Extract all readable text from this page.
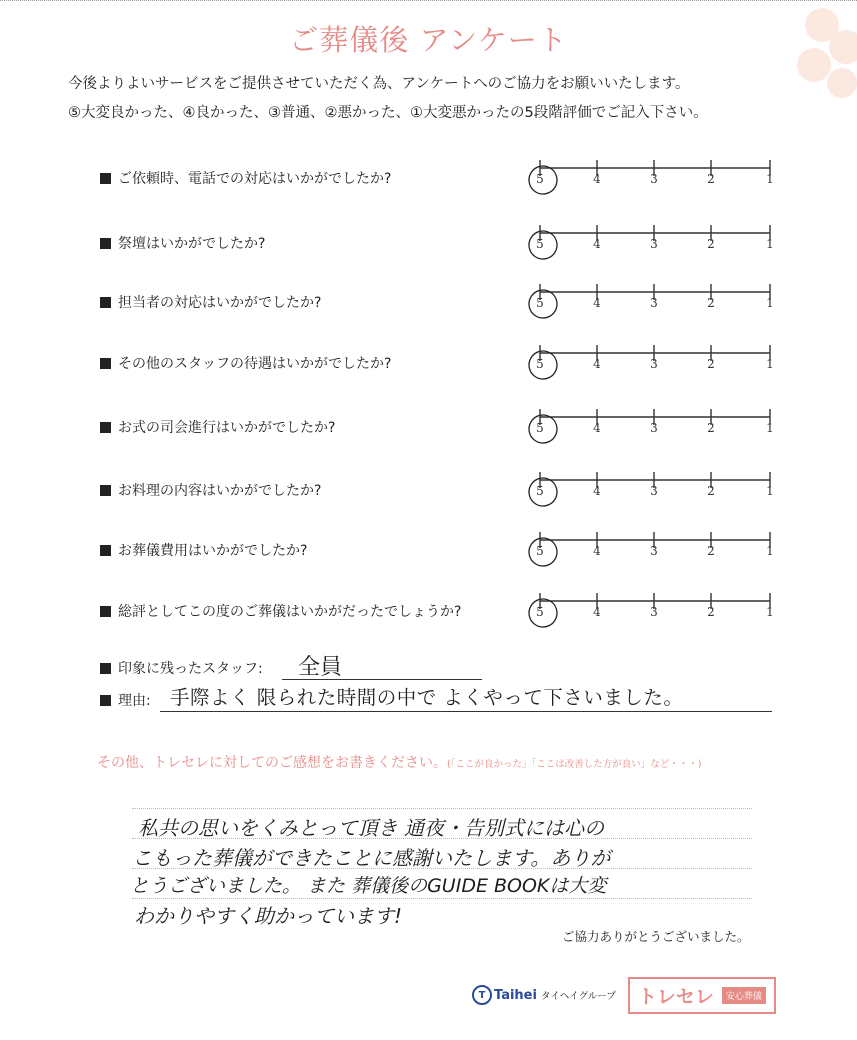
ご葬儀後 アンケート
今後よりよいサービスをご提供させていただく為、アンケートへのご協力をお願いいたします。
⑤大変良かった、④良かった、③普通、②悪かった、①大変悪かったの5段階評価でご記入下さい。
ご依頼時、電話での対応はいかがでしたか?	5	4	3	2	1
祭壇はいかがでしたか?	5	4	3	2	1
担当者の対応はいかがでしたか?	5	4	3	2	1
その他のスタッフの待遇はいかがでしたか?	5	4	3	2	1
お式の司会進行はいかがでしたか?	5	4	3	2	1
お料理の内容はいかがでしたか?	5	4	3	2	1
お葬儀費用はいかがでしたか?	5	4	3	2	1
総評としてこの度のご葬儀はいかがだったでしょうか?	5	4	3	2	1
印象に残ったスタッフ: 全員
理由: 手際よく 限られた時間の中で よくやって下さいました。
その他、トレセレに対してのご感想をお書きください。(「ここが良かった」「ここは改善した方が良い」など・・・)
私共の思いをくみとって頂き 通夜・告別式には心の
こもった葬儀ができたことに感謝いたします。ありが
とうございました。 また 葬儀後のGUIDE BOOKは大変
わかりやすく助かっています!
ご協力ありがとうございました。
T Taihei タイヘイグループ トレセレ	安心葬儀
